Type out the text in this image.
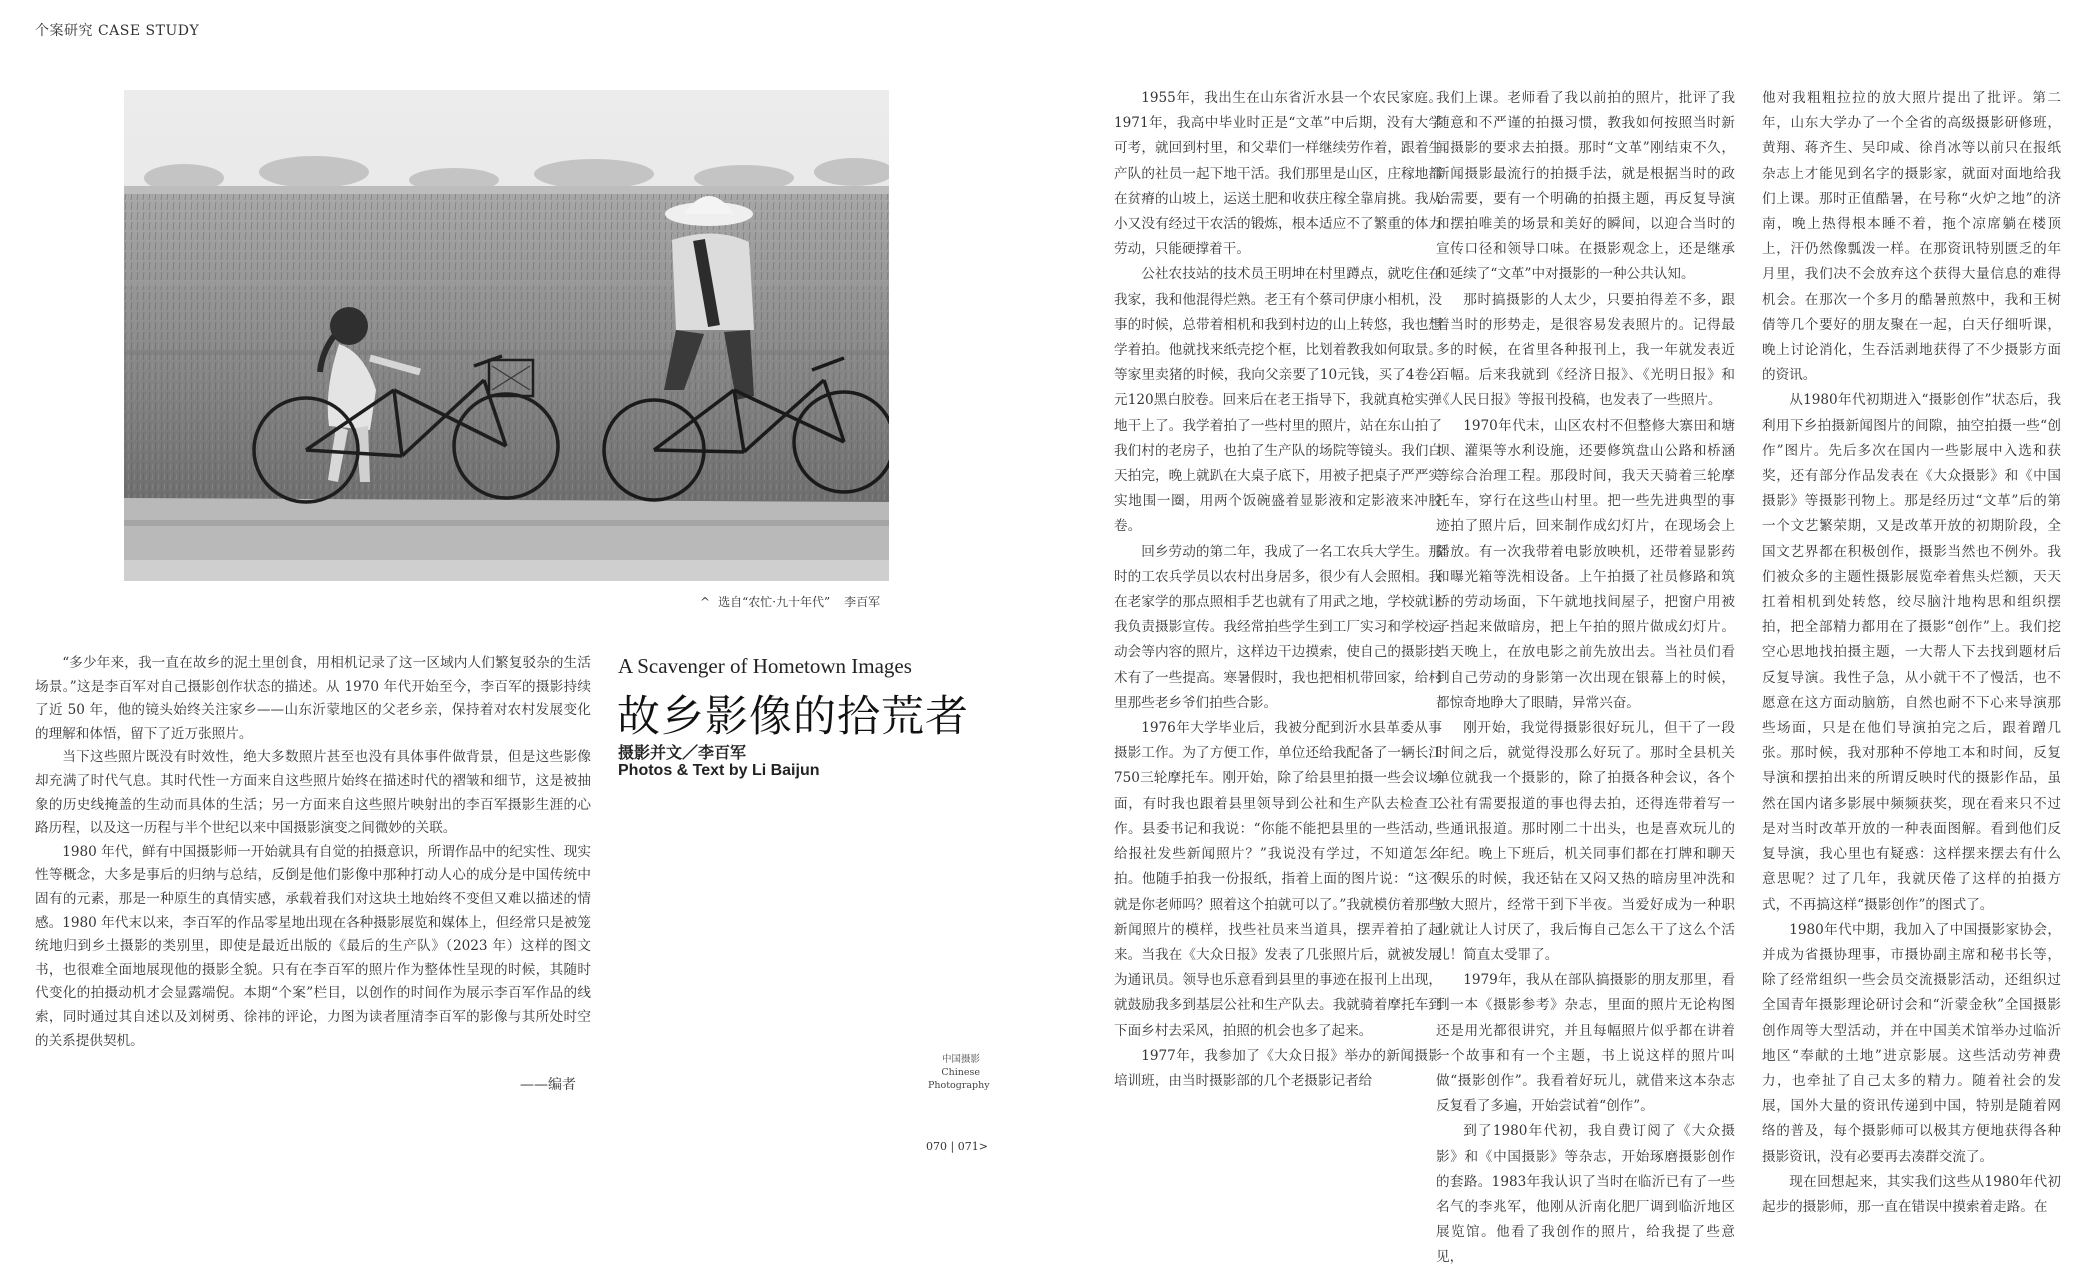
个案研究 CASE STUDY
^ 选自“农忙·九十年代” 李百军

“多少年来，我一直在故乡的泥土里创食，用相机记录了这一区域内人们繁复驳杂的生活场景。”这是李百军对自己摄影创作状态的描述。从 1970 年代开始至今，李百军的摄影持续了近 50 年，他的镜头始终关注家乡——山东沂蒙地区的父老乡亲，保持着对农村发展变化的理解和体悟，留下了近万张照片。

当下这些照片既没有时效性，绝大多数照片甚至也没有具体事件做背景，但是这些影像却充满了时代气息。其时代性一方面来自这些照片始终在描述时代的褶皱和细节，这是被抽象的历史线掩盖的生动而具体的生活；另一方面来自这些照片映射出的李百军摄影生涯的心路历程，以及这一历程与半个世纪以来中国摄影演变之间微妙的关联。

1980 年代，鲜有中国摄影师一开始就具有自觉的拍摄意识，所谓作品中的纪实性、现实性等概念，大多是事后的归纳与总结，反倒是他们影像中那种打动人心的成分是中国传统中固有的元素，那是一种原生的真情实感，承载着我们对这块土地始终不变但又难以描述的情感。1980 年代末以来，李百军的作品零星地出现在各种摄影展览和媒体上，但经常只是被笼统地归到乡土摄影的类别里，即使是最近出版的《最后的生产队》（2023 年）这样的图文书，也很难全面地展现他的摄影全貌。只有在李百军的照片作为整体性呈现的时候，其随时代变化的拍摄动机才会显露端倪。本期“个案”栏目，以创作的时间作为展示李百军作品的线索，同时通过其自述以及刘树勇、徐祎的评论，力图为读者厘清李百军的影像与其所处时空的关系提供契机。

——编者
A Scavenger of Hometown Images
故乡影像的拾荒者
摄影并文／李百军
Photos & Text by Li Baijun
中国摄影
Chinese
Photography
070 | 071>

1955年，我出生在山东省沂水县一个农民家庭。1971年，我高中毕业时正是“文革”中后期，没有大学可考，就回到村里，和父辈们一样继续劳作着，跟着生产队的社员一起下地干活。我们那里是山区，庄稼地都在贫瘠的山坡上，运送土肥和收获庄稼全靠肩挑。我从小又没有经过干农活的锻炼，根本适应不了繁重的体力劳动，只能硬撑着干。

公社农技站的技术员王明坤在村里蹲点，就吃住在我家，我和他混得烂熟。老王有个蔡司伊康小相机，没事的时候，总带着相机和我到村边的山上转悠，我也想学着拍。他就找来纸壳挖个框，比划着教我如何取景。等家里卖猪的时候，我向父亲要了10元钱，买了4卷公元120黑白胶卷。回来后在老王指导下，我就真枪实弹地干上了。我学着拍了一些村里的照片，站在东山拍了我们村的老房子，也拍了生产队的场院等镜头。我们白天拍完，晚上就趴在大桌子底下，用被子把桌子严严实实地围一圈，用两个饭碗盛着显影液和定影液来冲胶卷。

回乡劳动的第二年，我成了一名工农兵大学生。那时的工农兵学员以农村出身居多，很少有人会照相。我在老家学的那点照相手艺也就有了用武之地，学校就让我负责摄影宣传。我经常拍些学生到工厂实习和学校运动会等内容的照片，这样边干边摸索，使自己的摄影技术有了一些提高。寒暑假时，我也把相机带回家，给村里那些老乡爷们拍些合影。

1976年大学毕业后，我被分配到沂水县革委从事摄影工作。为了方便工作，单位还给我配备了一辆长江750三轮摩托车。刚开始，除了给县里拍摄一些会议场面，有时我也跟着县里领导到公社和生产队去检查工作。县委书记和我说：“你能不能把县里的一些活动，给报社发些新闻照片？”我说没有学过，不知道怎么拍。他随手拍我一份报纸，指着上面的图片说：“这不就是你老师吗？照着这个拍就可以了。”我就模仿着那些新闻照片的模样，找些社员来当道具，摆弄着拍了起来。当我在《大众日报》发表了几张照片后，就被发展为通讯员。领导也乐意看到县里的事迹在报刊上出现，就鼓励我多到基层公社和生产队去。我就骑着摩托车到下面乡村去采风，拍照的机会也多了起来。

1977年，我参加了《大众日报》举办的新闻摄影培训班，由当时摄影部的几个老摄影记者给

我们上课。老师看了我以前拍的照片，批评了我随意和不严谨的拍摄习惯，教我如何按照当时新闻摄影的要求去拍摄。那时“文革”刚结束不久，新闻摄影最流行的拍摄手法，就是根据当时的政治需要，要有一个明确的拍摄主题，再反复导演和摆拍唯美的场景和美好的瞬间，以迎合当时的宣传口径和领导口味。在摄影观念上，还是继承和延续了“文革”中对摄影的一种公共认知。

那时搞摄影的人太少，只要拍得差不多，跟着当时的形势走，是很容易发表照片的。记得最多的时候，在省里各种报刊上，我一年就发表近百幅。后来我就到《经济日报》、《光明日报》和《人民日报》等报刊投稿，也发表了一些照片。

1970年代末，山区农村不但整修大寨田和塘坝、灌渠等水利设施，还要修筑盘山公路和桥涵等综合治理工程。那段时间，我天天骑着三轮摩托车，穿行在这些山村里。把一些先进典型的事迹拍了照片后，回来制作成幻灯片，在现场会上播放。有一次我带着电影放映机，还带着显影药和曝光箱等洗相设备。上午拍摄了社员修路和筑桥的劳动场面，下午就地找间屋子，把窗户用被子挡起来做暗房，把上午拍的照片做成幻灯片。当天晚上，在放电影之前先放出去。当社员们看到自己劳动的身影第一次出现在银幕上的时候，都惊奇地睁大了眼睛，异常兴奋。

刚开始，我觉得摄影很好玩儿，但干了一段时间之后，就觉得没那么好玩了。那时全县机关单位就我一个摄影的，除了拍摄各种会议，各个公社有需要报道的事也得去拍，还得连带着写一些通讯报道。那时刚二十出头，也是喜欢玩儿的年纪。晚上下班后，机关同事们都在打牌和聊天娱乐的时候，我还钻在又闷又热的暗房里冲洗和放大照片，经常干到下半夜。当爱好成为一种职业就让人讨厌了，我后悔自己怎么干了这么个活儿！简直太受罪了。

1979年，我从在部队搞摄影的朋友那里，看到一本《摄影参考》杂志，里面的照片无论构图还是用光都很讲究，并且每幅照片似乎都在讲着一个故事和有一个主题，书上说这样的照片叫做“摄影创作”。我看着好玩儿，就借来这本杂志反复看了多遍，开始尝试着“创作”。

到了1980年代初，我自费订阅了《大众摄影》和《中国摄影》等杂志，开始琢磨摄影创作的套路。1983年我认识了当时在临沂已有了一些名气的李兆军，他刚从沂南化肥厂调到临沂地区展览馆。他看了我创作的照片，给我提了些意见，

他对我粗粗拉拉的放大照片提出了批评。第二年，山东大学办了一个全省的高级摄影研修班，黄翔、蒋齐生、吴印咸、徐肖冰等以前只在报纸杂志上才能见到名字的摄影家，就面对面地给我们上课。那时正值酷暑，在号称“火炉之地”的济南，晚上热得根本睡不着，拖个凉席躺在楼顶上，汗仍然像瓢泼一样。在那资讯特别匮乏的年月里，我们决不会放弃这个获得大量信息的难得机会。在那次一个多月的酷暑煎熬中，我和王树倩等几个要好的朋友聚在一起，白天仔细听课，晚上讨论消化，生吞活剥地获得了不少摄影方面的资讯。

从1980年代初期进入“摄影创作”状态后，我利用下乡拍摄新闻图片的间隙，抽空拍摄一些“创作”图片。先后多次在国内一些影展中入选和获奖，还有部分作品发表在《大众摄影》和《中国摄影》等摄影刊物上。那是经历过“文革”后的第一个文艺繁荣期，又是改革开放的初期阶段，全国文艺界都在积极创作，摄影当然也不例外。我们被众多的主题性摄影展览牵着焦头烂额，天天扛着相机到处转悠，绞尽脑汁地构思和组织摆拍，把全部精力都用在了摄影“创作”上。我们挖空心思地找拍摄主题，一大帮人下去找到题材后反复导演。我性子急，从小就干不了慢活，也不愿意在这方面动脑筋，自然也耐不下心来导演那些场面，只是在他们导演拍完之后，跟着蹭几张。那时候，我对那种不停地工本和时间，反复导演和摆拍出来的所谓反映时代的摄影作品，虽然在国内诸多影展中频频获奖，现在看来只不过是对当时改革开放的一种表面图解。看到他们反复导演，我心里也有疑惑：这样摆来摆去有什么意思呢？过了几年，我就厌倦了这样的拍摄方式，不再搞这样“摄影创作”的图式了。

1980年代中期，我加入了中国摄影家协会，并成为省摄协理事，市摄协副主席和秘书长等，除了经常组织一些会员交流摄影活动，还组织过全国青年摄影理论研讨会和“沂蒙金秋”全国摄影创作周等大型活动，并在中国美术馆举办过临沂地区“奉献的土地”进京影展。这些活动劳神费力，也牵扯了自己太多的精力。随着社会的发展，国外大量的资讯传递到中国，特别是随着网络的普及，每个摄影师可以极其方便地获得各种摄影资讯，没有必要再去凑群交流了。

现在回想起来，其实我们这些从1980年代初起步的摄影师，那一直在错误中摸索着走路。在
